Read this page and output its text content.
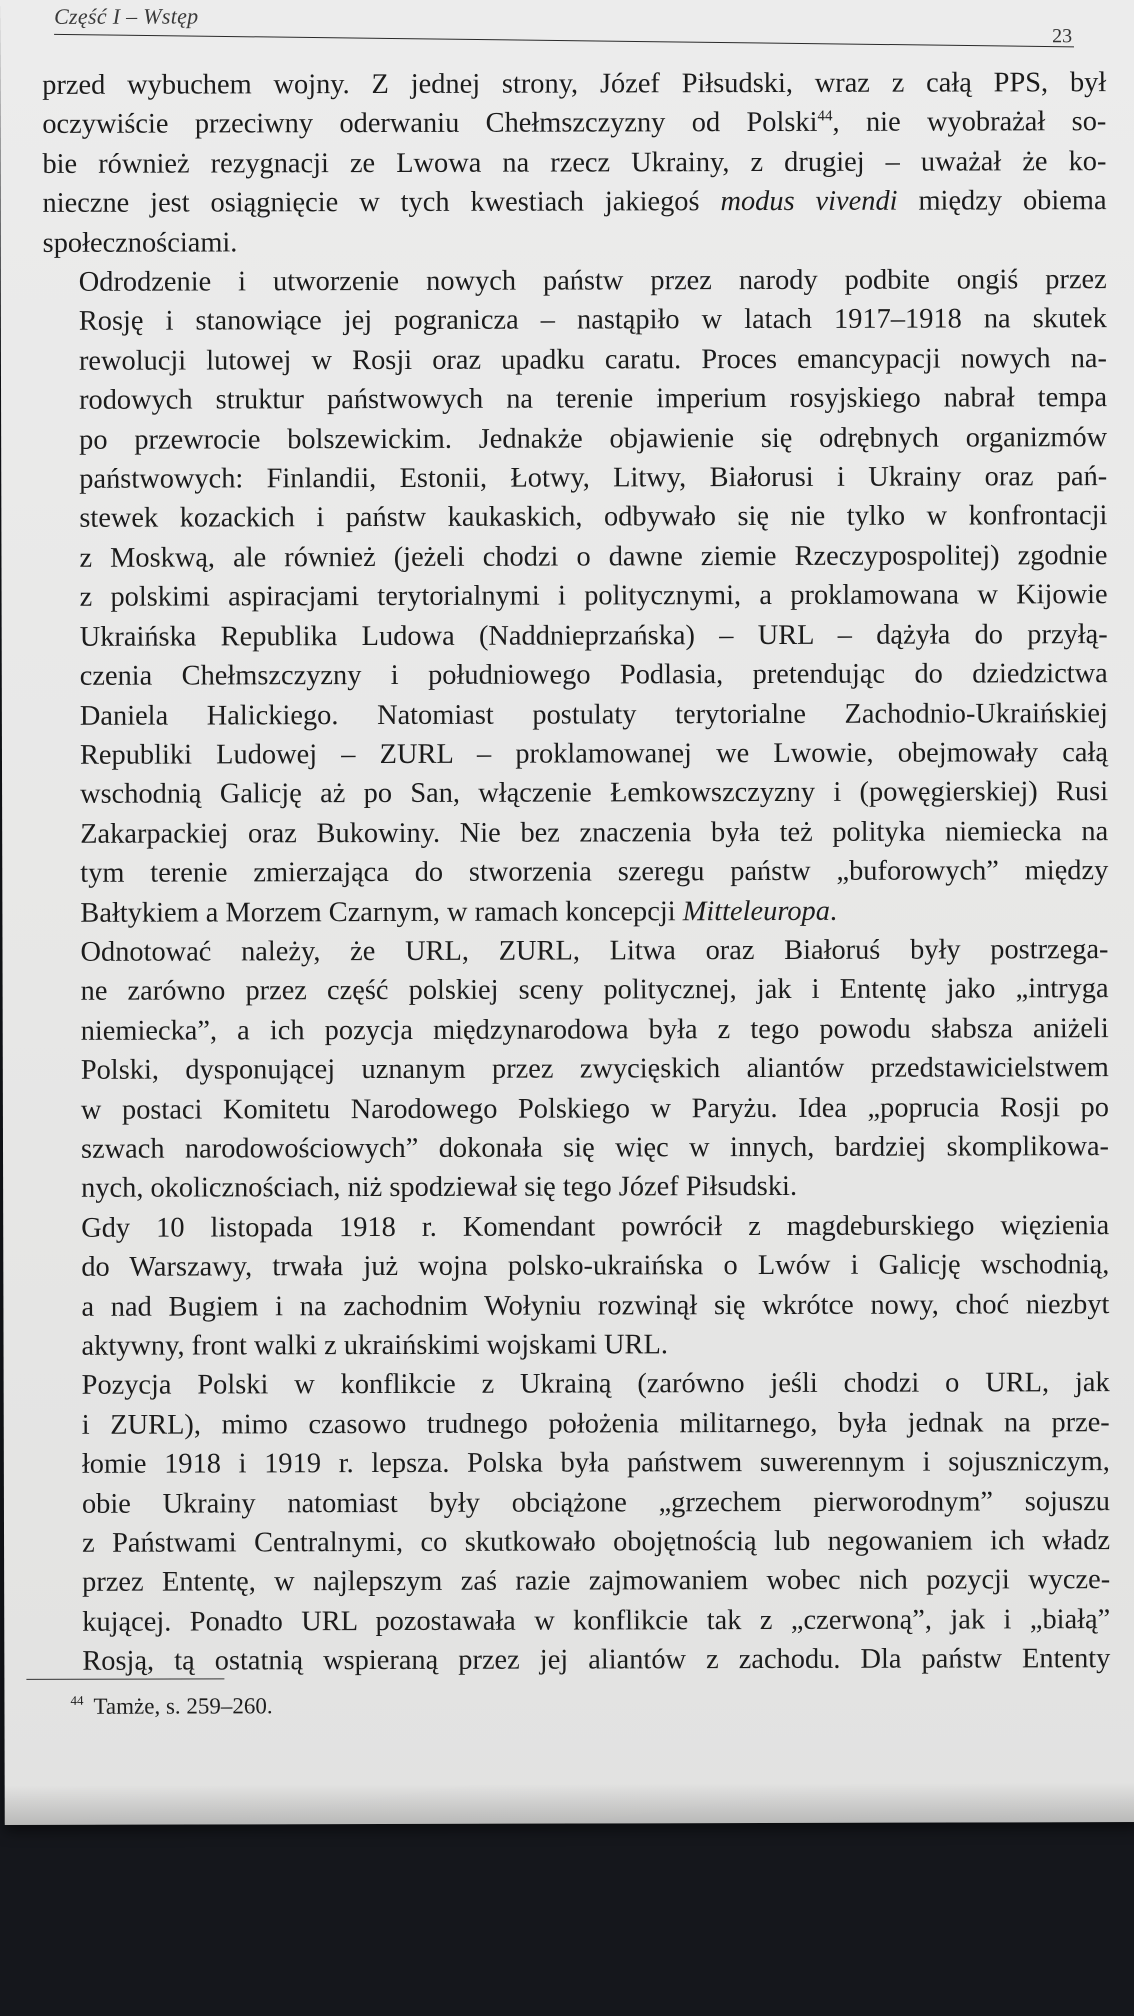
Część I – Wstęp
23

przed wybuchem wojny. Z jednej strony, Józef Piłsudski, wraz z całą PPS, był
oczywiście przeciwny oderwaniu Chełmszczyzny od Polski$^{44}$, nie wyobrażał so-
bie również rezygnacji ze Lwowa na rzecz Ukrainy, z drugiej – uważał że ko-
nieczne jest osiągnięcie w tych kwestiach jakiegoś modus vivendi między obiema
społecznościami.

Odrodzenie i utworzenie nowych państw przez narody podbite ongiś przez
Rosję i stanowiące jej pogranicza – nastąpiło w latach 1917–1918 na skutek
rewolucji lutowej w Rosji oraz upadku caratu. Proces emancypacji nowych na-
rodowych struktur państwowych na terenie imperium rosyjskiego nabrał tempa
po przewrocie bolszewickim. Jednakże objawienie się odrębnych organizmów
państwowych: Finlandii, Estonii, Łotwy, Litwy, Białorusi i Ukrainy oraz pań-
stewek kozackich i państw kaukaskich, odbywało się nie tylko w konfrontacji
z Moskwą, ale również (jeżeli chodzi o dawne ziemie Rzeczypospolitej) zgodnie
z polskimi aspiracjami terytorialnymi i politycznymi, a proklamowana w Kijowie
Ukraińska Republika Ludowa (Naddnieprzańska) – URL – dążyła do przyłą-
czenia Chełmszczyzny i południowego Podlasia, pretendując do dziedzictwa
Daniela Halickiego. Natomiast postulaty terytorialne Zachodnio-Ukraińskiej
Republiki Ludowej – ZURL – proklamowanej we Lwowie, obejmowały całą
wschodnią Galicję aż po San, włączenie Łemkowszczyzny i (powęgierskiej) Rusi
Zakarpackiej oraz Bukowiny. Nie bez znaczenia była też polityka niemiecka na
tym terenie zmierzająca do stworzenia szeregu państw „buforowych” między
Bałtykiem a Morzem Czarnym, w ramach koncepcji Mitteleuropa.

Odnotować należy, że URL, ZURL, Litwa oraz Białoruś były postrzega-
ne zarówno przez część polskiej sceny politycznej, jak i Ententę jako „intryga
niemiecka”, a ich pozycja międzynarodowa była z tego powodu słabsza aniżeli
Polski, dysponującej uznanym przez zwycięskich aliantów przedstawicielstwem
w postaci Komitetu Narodowego Polskiego w Paryżu. Idea „poprucia Rosji po
szwach narodowościowych” dokonała się więc w innych, bardziej skomplikowa-
nych, okolicznościach, niż spodziewał się tego Józef Piłsudski.

Gdy 10 listopada 1918 r. Komendant powrócił z magdeburskiego więzienia
do Warszawy, trwała już wojna polsko-ukraińska o Lwów i Galicję wschodnią,
a nad Bugiem i na zachodnim Wołyniu rozwinął się wkrótce nowy, choć niezbyt
aktywny, front walki z ukraińskimi wojskami URL.

Pozycja Polski w konflikcie z Ukrainą (zarówno jeśli chodzi o URL, jak
i ZURL), mimo czasowo trudnego położenia militarnego, była jednak na prze-
łomie 1918 i 1919 r. lepsza. Polska była państwem suwerennym i sojuszniczym,
obie Ukrainy natomiast były obciążone „grzechem pierworodnym” sojuszu
z Państwami Centralnymi, co skutkowało obojętnością lub negowaniem ich władz
przez Ententę, w najlepszym zaś razie zajmowaniem wobec nich pozycji wycze-
kującej. Ponadto URL pozostawała w konflikcie tak z „czerwoną”, jak i „białą”
Rosją, tą ostatnią wspieraną przez jej aliantów z zachodu. Dla państw Ententy

$^{44}$ Tamże, s. 259–260.
